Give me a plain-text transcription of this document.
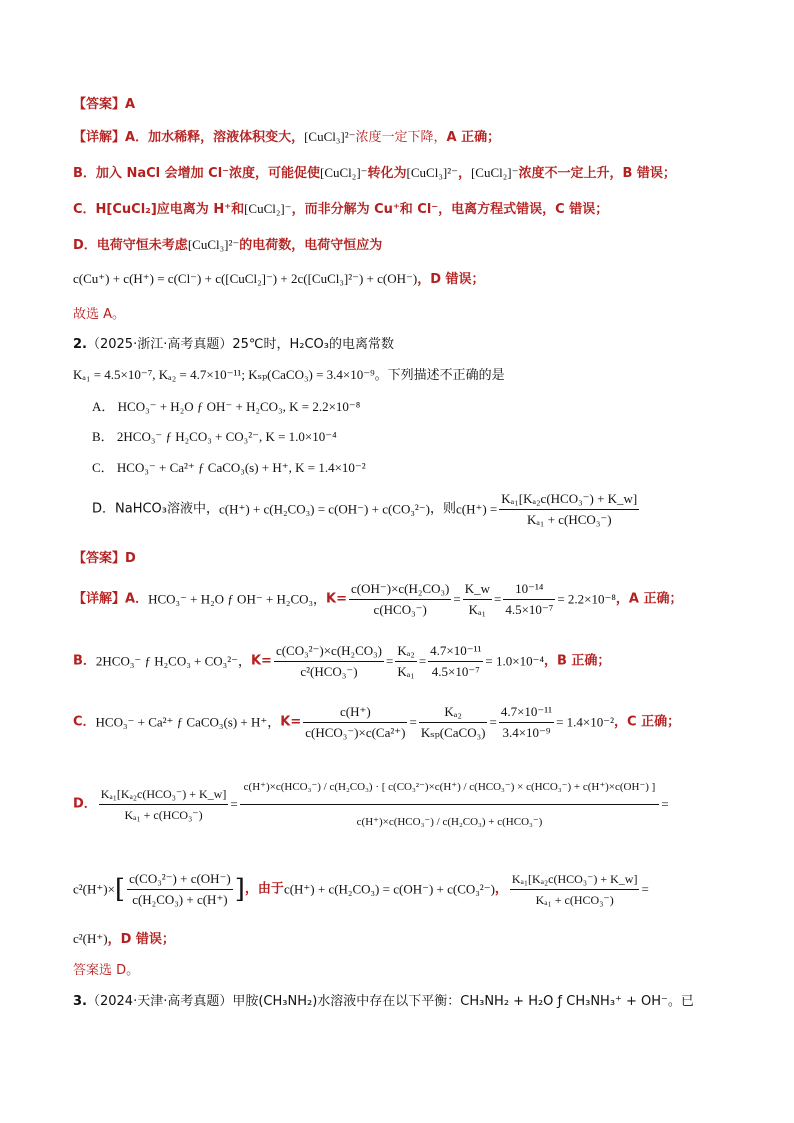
【答案】A
【详解】A．加水稀释，溶液体积变大，[CuCl₃]²⁻浓度一定下降，A 正确；
B．加入 NaCl 会增加 Cl⁻浓度，可能促使[CuCl₂]⁻转化为[CuCl₃]²⁻，[CuCl₂]⁻浓度不一定上升，B 错误；
C．H[CuCl₂]应电离为 H⁺和[CuCl₂]⁻，而非分解为 Cu⁺和 Cl⁻，电离方程式错误，C 错误；
D．电荷守恒未考虑[CuCl₃]²⁻的电荷数，电荷守恒应为
c(Cu⁺) + c(H⁺) = c(Cl⁻) + c([CuCl₂]⁻) + 2c([CuCl₃]²⁻) + c(OH⁻)，D 错误；
故选 A。
2.（2025·浙江·高考真题）25℃时，H₂CO₃的电离常数
Kₐ₁ = 4.5×10⁻⁷, Kₐ₂ = 4.7×10⁻¹¹; Kₛₚ(CaCO₃) = 3.4×10⁻⁹。下列描述不正确的是
A． HCO₃⁻ + H₂O ƒ OH⁻ + H₂CO₃, K = 2.2×10⁻⁸
B． 2HCO₃⁻ ƒ H₂CO₃ + CO₃²⁻, K = 1.0×10⁻⁴
C． HCO₃⁻ + Ca²⁺ ƒ CaCO₃(s) + H⁺, K = 1.4×10⁻²
D．NaHCO₃溶液中，c(H⁺) + c(H₂CO₃) = c(OH⁻) + c(CO₃²⁻)，则$c(H^+) = \frac{\text{Kₐ₁[Kₐ₂c(HCO₃⁻) + K\_w]}}{\text{Kₐ₁ + c(HCO₃⁻)}}$
【答案】D
【详解】A．HCO₃⁻ + H₂O ƒ OH⁻ + H₂CO₃，$K= \frac{\text{c(OH⁻)×c(H₂CO₃)}}{\text{c(HCO₃⁻)}} = \frac{K\_w}{\text{Kₐ₁}} = \frac{\text{10⁻¹⁴}}{\text{4.5×10⁻⁷}} = 2.2\times 10^{-8}$，A 正确；
B．2HCO₃⁻ ƒ H₂CO₃ + CO₃²⁻，$K= \frac{\text{c(CO₃²⁻)×c(H₂CO₃)}}{\text{c²(HCO₃⁻)}} = \frac{\text{Kₐ₂}}{\text{Kₐ₁}} = \frac{\text{4.7×10⁻¹¹}}{\text{4.5×10⁻⁷}} = 1.0\times 10^{-4}$，B 正确；
C．HCO₃⁻ + Ca²⁺ ƒ CaCO₃(s) + H⁺，$K= \frac{c(H^+)}{\text{c(HCO₃⁻)×c(Ca²⁺)}} = \frac{\text{Kₐ₂}}{\text{Kₛₚ(CaCO₃)}} = \frac{\text{4.7×10⁻¹¹}}{\text{3.4×10⁻⁹}} = 1.4\times 10^{-2}$，C 正确；
D． $\frac{\text{Kₐ₁[Kₐ₂c(HCO₃⁻) + K\_w]}}{\text{Kₐ₁ + c(HCO₃⁻)}}$ =
c(H⁺)×c(HCO₃⁻) / c(H₂CO₃) · [ c(CO₃²⁻)×c(H⁺) / c(HCO₃⁻) × c(HCO₃⁻) + c(H⁺)×c(OH⁻) ]
c(H⁺)×c(HCO₃⁻) / c(H₂CO₃) + c(HCO₃⁻)
=
$c^2(H^+)\times[ \frac{\text{c(CO₃²⁻) + c(OH⁻)}}{\text{c(H₂CO₃) + c(H⁺)}}$ ]，由于c(H⁺) + c(H₂CO₃) = c(OH⁻) + c(CO₃²⁻)， $\frac{\text{Kₐ₁[Kₐ₂c(HCO₃⁻) + K\_w]}}{\text{Kₐ₁ + c(HCO₃⁻)}}$ =
c²(H⁺)，D 错误；
答案选 D。
3.（2024·天津·高考真题）甲胺(CH₃NH₂)水溶液中存在以下平衡：CH₃NH₂ + H₂O ƒ CH₃NH₃⁺ + OH⁻。已
